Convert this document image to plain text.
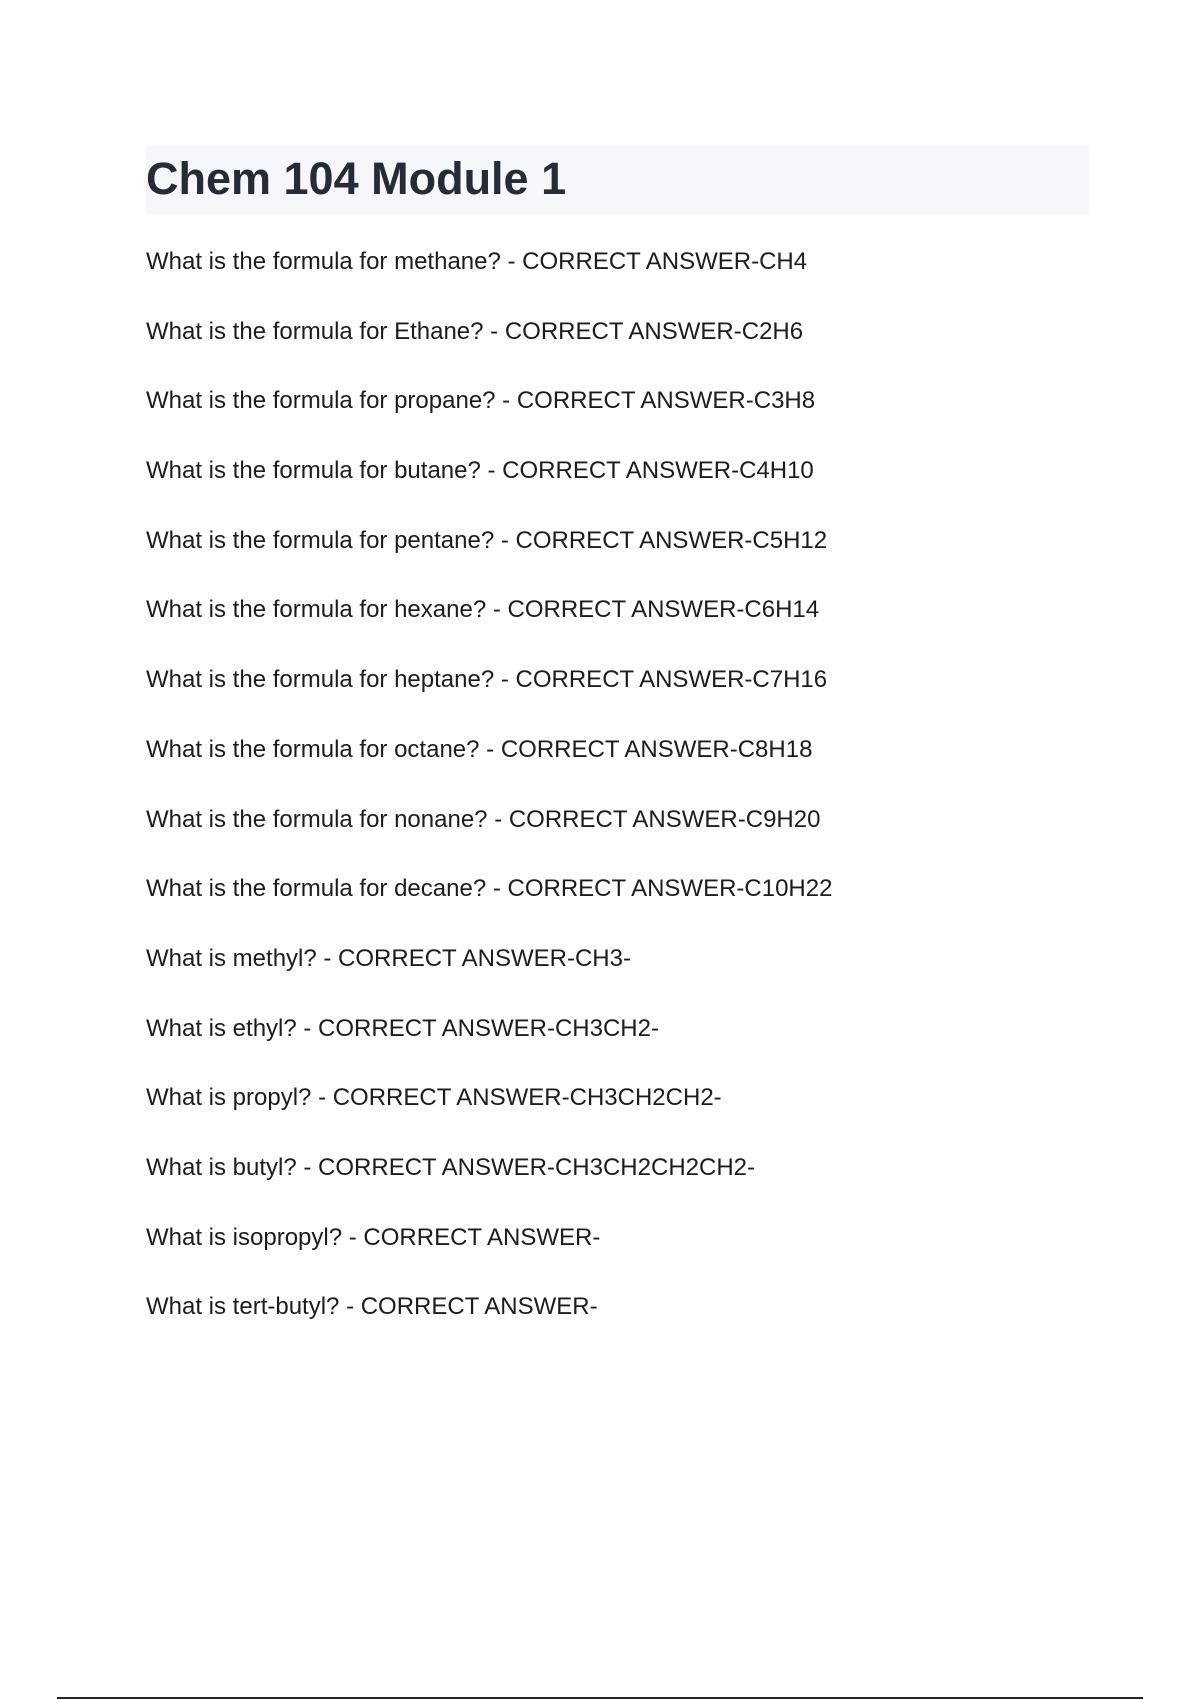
Chem 104 Module 1
What is the formula for methane? - CORRECT ANSWER-CH4
What is the formula for Ethane? - CORRECT ANSWER-C2H6
What is the formula for propane? - CORRECT ANSWER-C3H8
What is the formula for butane? - CORRECT ANSWER-C4H10
What is the formula for pentane? - CORRECT ANSWER-C5H12
What is the formula for hexane? - CORRECT ANSWER-C6H14
What is the formula for heptane? - CORRECT ANSWER-C7H16
What is the formula for octane? - CORRECT ANSWER-C8H18
What is the formula for nonane? - CORRECT ANSWER-C9H20
What is the formula for decane? - CORRECT ANSWER-C10H22
What is methyl? - CORRECT ANSWER-CH3-
What is ethyl? - CORRECT ANSWER-CH3CH2-
What is propyl? - CORRECT ANSWER-CH3CH2CH2-
What is butyl? - CORRECT ANSWER-CH3CH2CH2CH2-
What is isopropyl? - CORRECT ANSWER-
What is tert-butyl? - CORRECT ANSWER-
